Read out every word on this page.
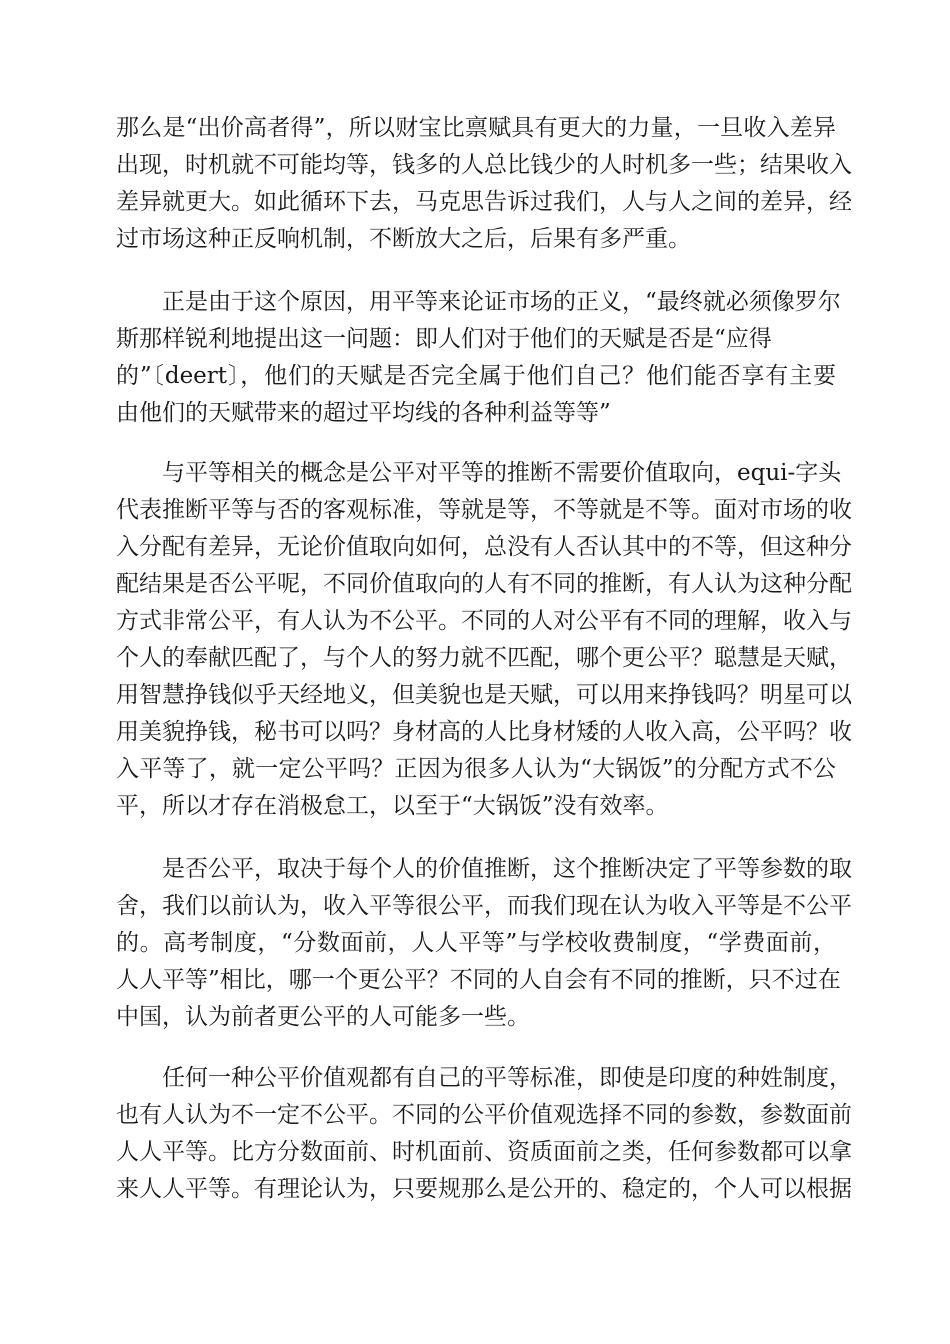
那么是“出价高者得”，所以财宝比禀赋具有更大的力量，一旦收入差异

出现，时机就不可能均等，钱多的人总比钱少的人时机多一些；结果收入

差异就更大。如此循环下去，马克思告诉过我们，人与人之间的差异，经

过市场这种正反响机制，不断放大之后，后果有多严重。

正是由于这个原因，用平等来论证市场的正义，“最终就必须像罗尔

斯那样锐利地提出这一问题：即人们对于他们的天赋是否是“应得

的”〔deert〕，他们的天赋是否完全属于他们自己？他们能否享有主要

由他们的天赋带来的超过平均线的各种利益等等”

与平等相关的概念是公平对平等的推断不需要价值取向，equi-字头

代表推断平等与否的客观标准，等就是等，不等就是不等。面对市场的收

入分配有差异，无论价值取向如何，总没有人否认其中的不等，但这种分

配结果是否公平呢，不同价值取向的人有不同的推断，有人认为这种分配

方式非常公平，有人认为不公平。不同的人对公平有不同的理解，收入与

个人的奉献匹配了，与个人的努力就不匹配，哪个更公平？聪慧是天赋，

用智慧挣钱似乎天经地义，但美貌也是天赋，可以用来挣钱吗？明星可以

用美貌挣钱，秘书可以吗？身材高的人比身材矮的人收入高，公平吗？收

入平等了，就一定公平吗？正因为很多人认为“大锅饭”的分配方式不公

平，所以才存在消极怠工，以至于“大锅饭”没有效率。

是否公平，取决于每个人的价值推断，这个推断决定了平等参数的取

舍，我们以前认为，收入平等很公平，而我们现在认为收入平等是不公平

的。高考制度，“分数面前，人人平等”与学校收费制度，“学费面前，

人人平等”相比，哪一个更公平？不同的人自会有不同的推断，只不过在

中国，认为前者更公平的人可能多一些。

任何一种公平价值观都有自己的平等标准，即使是印度的种姓制度，

也有人认为不一定不公平。不同的公平价值观选择不同的参数，参数面前

人人平等。比方分数面前、时机面前、资质面前之类，任何参数都可以拿

来人人平等。有理论认为，只要规那么是公开的、稳定的，个人可以根据
